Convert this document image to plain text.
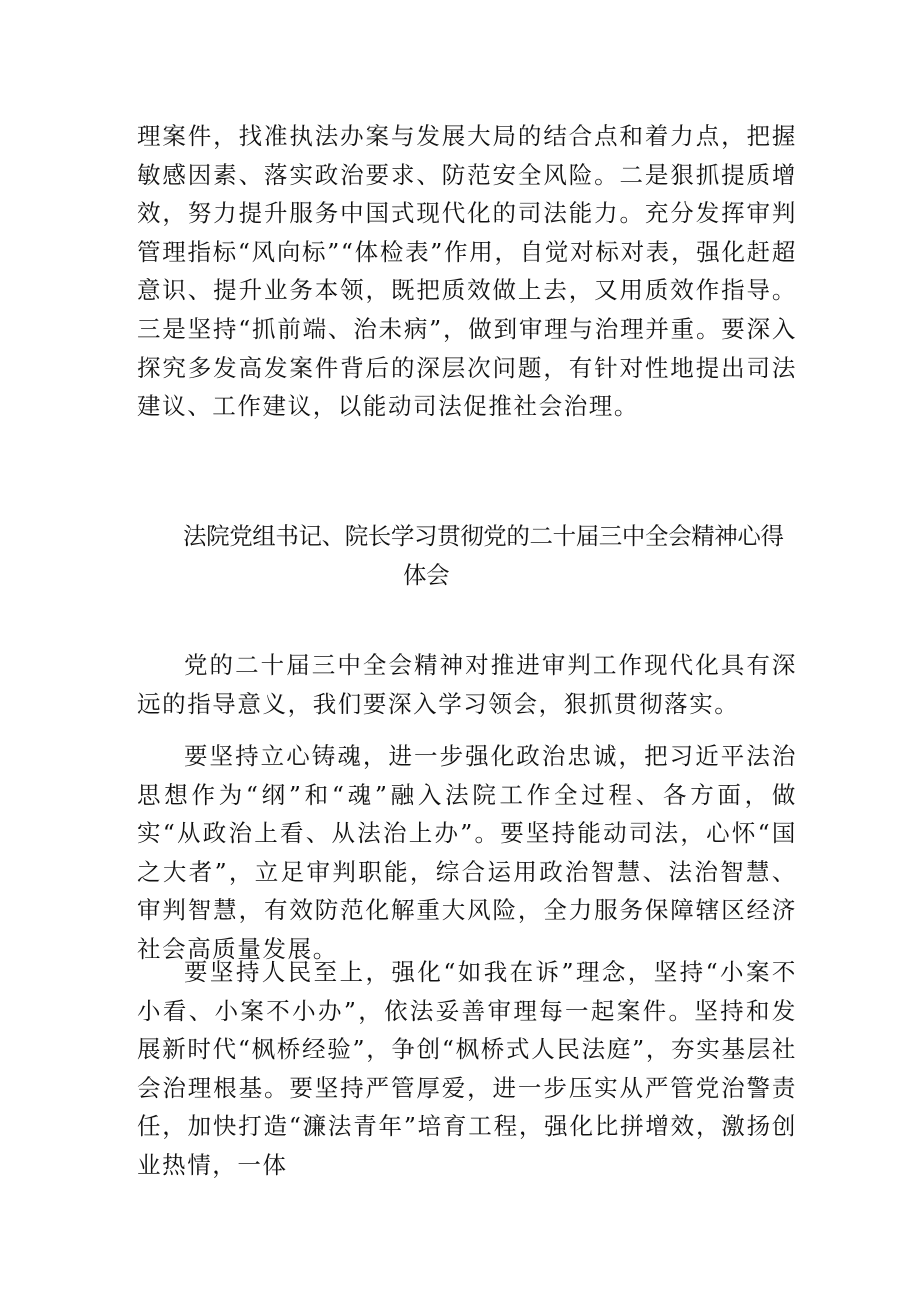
理案件，找准执法办案与发展大局的结合点和着力点，把握敏感因素、落实政治要求、防范安全风险。二是狠抓提质增效，努力提升服务中国式现代化的司法能力。充分发挥审判管理指标“风向标”“体检表”作用，自觉对标对表，强化赶超意识、提升业务本领，既把质效做上去，又用质效作指导。三是坚持“抓前端、治未病”，做到审理与治理并重。要深入探究多发高发案件背后的深层次问题，有针对性地提出司法建议、工作建议，以能动司法促推社会治理。

法院党组书记、院长学习贯彻党的二十届三中全会精神心得
体会

党的二十届三中全会精神对推进审判工作现代化具有深远的指导意义，我们要深入学习领会，狠抓贯彻落实。

要坚持立心铸魂，进一步强化政治忠诚，把习近平法治思想作为“纲”和“魂”融入法院工作全过程、各方面，做实“从政治上看、从法治上办”。要坚持能动司法，心怀“国之大者”，立足审判职能，综合运用政治智慧、法治智慧、审判智慧，有效防范化解重大风险，全力服务保障辖区经济社会高质量发展。

要坚持人民至上，强化“如我在诉”理念，坚持“小案不小看、小案不小办”，依法妥善审理每一起案件。坚持和发展新时代“枫桥经验”，争创“枫桥式人民法庭”，夯实基层社会治理根基。要坚持严管厚爱，进一步压实从严管党治警责任，加快打造“濂法青年”培育工程，强化比拼增效，激扬创业热情，一体
